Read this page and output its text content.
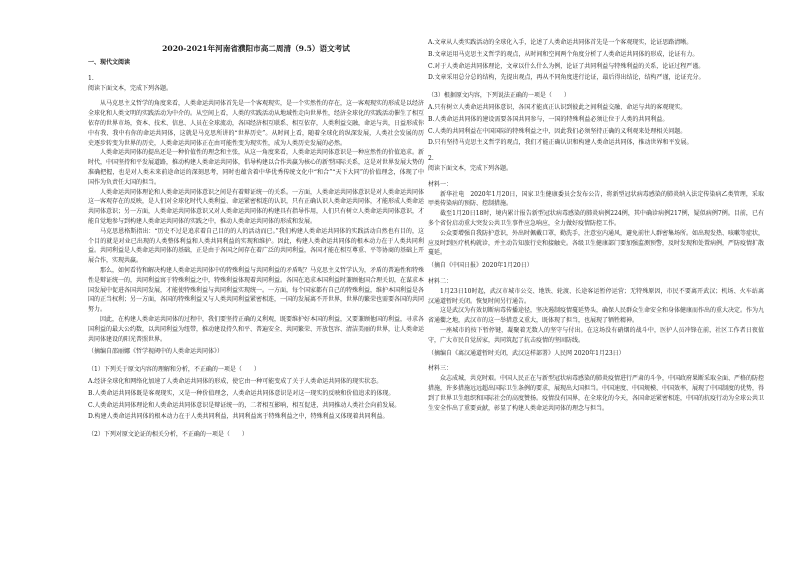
2020-2021年河南省濮阳市高二周清（9.5）语文考试

一、现代文阅读

1.

阅读下面文本，完成下列各题。

从马克思主义哲学的角度来看，人类命运共同体首先是一个客观现实，是一个实然性的存在，这一客观现实的形成是以经济全球化和人类文明的实践活动为中介的。从空间上看，人类的实践活动从地域性走向世界性，经济全球化的实践活动催生了相互依存的世界市场，资本、技术、信息、人员在全球流动，各国经济相互联系、相互依存，人类利益交融，命运与共，日益形成你中有我、我中有你的命运共同体，这就是马克思所讲的“世界历史”。从时间上看，随着全球化的纵深发展，人类社会发展的历史逐步转变为世界的历史，人类命运共同体正在由可能性变为现实性，成为人类历史发展的必然。

人类命运共同体的提出还是一种价值性的理念和主张，从这一角度来看，人类命运共同体意识是一种应然性的价值追求。新时代，中国坚持和平发展道路，推动构建人类命运共同体，倡导构建以合作共赢为核心的新型国际关系，这是对世界发展大势的准确把握，也是对人类未来前途命运的深刻思考，同时也蕴含着中华优秀传统文化中“和合”“天下大同”的价值理念，体现了中国作为负责任大国的担当。

人类命运共同体理论和人类命运共同体意识之间是有着辩证统一的关系。一方面，人类命运共同体意识是对人类命运共同体这一客观存在的反映，是人们对全球化时代人类利益、命运紧密相连的认识，只有正确认识人类命运共同体，才能形成人类命运共同体意识；另一方面，人类命运共同体意识又对人类命运共同体的构建具有指导作用，人们只有树立人类命运共同体意识，才能自觉地参与到构建人类命运共同体的实践之中，推动人类命运共同体的形成和发展。

马克思恩格斯指出：“历史不过是追求着自己目的的人的活动而已。”我们构建人类命运共同体的实践活动自然也有目的，这个目的就是对业已出现的人类整体利益和人类共同利益的实现和维护。因此，构建人类命运共同体的根本动力在于人类共同利益。共同利益是人类命运共同体的基础，正是由于各国之间存在着广泛的共同利益，各国才能在相互尊重、平等协商的基础上开展合作，实现共赢。

那么，如何看待和解决构建人类命运共同体中的特殊利益与共同利益的矛盾呢？马克思主义哲学认为，矛盾的普遍性和特殊性是辩证统一的，共同利益寓于特殊利益之中，特殊利益体现着共同利益。各国在追求本国利益时兼顾他国合理关切，在谋求本国发展中促进各国共同发展，才能使特殊利益与共同利益实现统一。一方面，每个国家都有自己的特殊利益，维护本国利益是各国的正当权利；另一方面，各国的特殊利益又与人类共同利益紧密相连，一国的发展离不开世界，世界的繁荣也需要各国的共同努力。

因此，在构建人类命运共同体的过程中，我们要坚持正确的义利观，既要维护好本国的利益，又要兼顾他国的利益，寻求各国利益的最大公约数，以共同利益为纽带，推动建设持久和平、普遍安全、共同繁荣、开放包容、清洁美丽的世界，让人类命运共同体建设的阳光普照世界。

（摘编自邵丽娜《哲学视阈中的人类命运共同体》）

（1）下列关于原文内容的理解和分析，不正确的一项是（　　）

A.经济全球化和网络化加速了人类命运共同体的形成，使它由一种可能变成了关于人类命运共同体的现实状态。

B.人类命运共同体既是客观现实，又是一种价值理念，人类命运共同体意识是对这一现实的反映和价值追求的体现。

C.人类命运共同体理论和人类命运共同体意识是辩证统一的，二者相互影响，相互促进，共同推动人类社会向前发展。

D.构建人类命运共同体的根本动力在于人类共同利益，共同利益寓于特殊利益之中，特殊利益又体现着共同利益。

（2）下列对原文论证的相关分析，不正确的一项是（　　）

A.文章从人类实践活动的全球化入手，论述了人类命运共同体首先是一个客观现实，论证思路清晰。

B.文章运用马克思主义哲学的观点，从时间和空间两个角度分析了人类命运共同体的形成，论证有力。

C.对于人类命运共同体理论，文章以什么什么为例，论证了共同利益与特殊利益的关系，论证过程严谨。

D.文章采用总分总的结构，先提出观点，再从不同角度进行论证，最后得出结论，结构严谨，论证充分。

（3）根据原文内容，下列说法正确的一项是（　　）

A.只有树立人类命运共同体意识，各国才能真正认识到彼此之间利益交融、命运与共的客观现实。

B.人类命运共同体的建设需要各国共同参与，一国的特殊利益必须让位于人类的共同利益。

C.人类的共同利益在中国国际的特殊利益之中，因此我们必须坚持正确的义利观来处理相关问题。

D.只有坚持马克思主义哲学的观点，我们才能正确认识和构建人类命运共同体，推动世界和平发展。

2.

阅读下面文本，完成下列各题。

材料一：

新华社电　2020年1月20日，国家卫生健康委员会发布公告，将新型冠状病毒感染的肺炎纳入法定传染病乙类管理，采取甲类传染病的预防、控制措施。

截至1月20日18时，境内累计报告新型冠状病毒感染的肺炎病例224例，其中确诊病例217例，疑似病例7例。目前，已有多个省份启动重大突发公共卫生事件应急响应，全力做好疫情防控工作。

公众要增强自我防护意识，外出时佩戴口罩，勤洗手，注意室内通风，避免前往人群密集场所。如出现发热、咳嗽等症状，应及时到医疗机构就诊，并主动告知旅行史和接触史。各级卫生健康部门要加强监测预警，及时发现和处置病例，严防疫情扩散蔓延。

（摘自《中国日报》2020年1月20日）

材料二：

1月23日10时起，武汉市城市公交、地铁、轮渡、长途客运暂停运营；无特殊原因，市民不要离开武汉；机场、火车站离汉通道暂时关闭。恢复时间另行通告。

这是武汉为有效切断病毒传播途径，坚决遏制疫情蔓延势头，确保人民群众生命安全和身体健康而作出的重大决定。作为九省通衢之地，武汉市的这一举措意义重大，既体现了担当，也展现了牺牲精神。

一座城市的按下暂停键，凝聚着无数人的坚守与付出。在这场没有硝烟的战斗中，医护人员冲锋在前，社区工作者日夜值守，广大市民自觉居家，共同筑起了抗击疫情的坚固防线。

（摘编自《离汉通道暂时关闭，武汉这样部署》人民网 2020年1月23日）

材料三：

众志成城，共克时艰。中国人民正在与新型冠状病毒感染的肺炎疫情进行严肃的斗争，中国政府果断采取全面、严格的防控措施，许多措施远远超出国际卫生条例的要求，展现出大国担当。中国速度、中国规模、中国效率，展现了中国制度的优势，得到了世界卫生组织和国际社会的高度赞扬。疫情没有国界，在全球化的今天，各国命运紧密相连，中国的抗疫行动为全球公共卫生安全作出了重要贡献，彰显了构建人类命运共同体的理念与担当。
